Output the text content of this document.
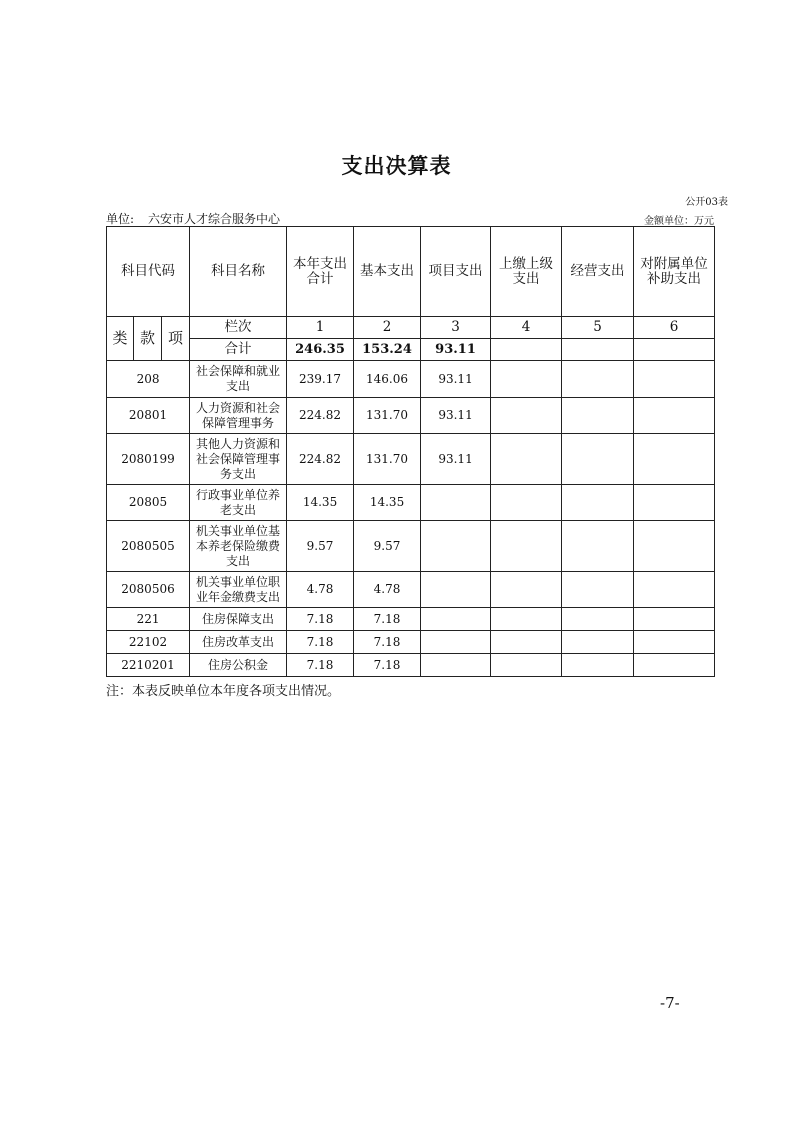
支出决算表
公开03表
单位: 六安市人才综合服务中心	金额单位：万元
科目代码			科目名称	本年支出合计	基本支出	项目支出	上缴上级支出	经营支出	对附属单位补助支出
类	款	项	栏次	1	2	3	4	5	6
			合计	246.35	153.24	93.11			
208			社会保障和就业支出	239.17	146.06	93.11			
20801			人力资源和社会保障管理事务	224.82	131.70	93.11			
2080199			其他人力资源和社会保障管理事务支出	224.82	131.70	93.11			
20805			行政事业单位养老支出	14.35	14.35				
2080505			机关事业单位基本养老保险缴费支出	9.57	9.57				
2080506			机关事业单位职业年金缴费支出	4.78	4.78				
221			住房保障支出	7.18	7.18				
22102			住房改革支出	7.18	7.18				
2210201			住房公积金	7.18	7.18				
注：本表反映单位本年度各项支出情况。
-7-
